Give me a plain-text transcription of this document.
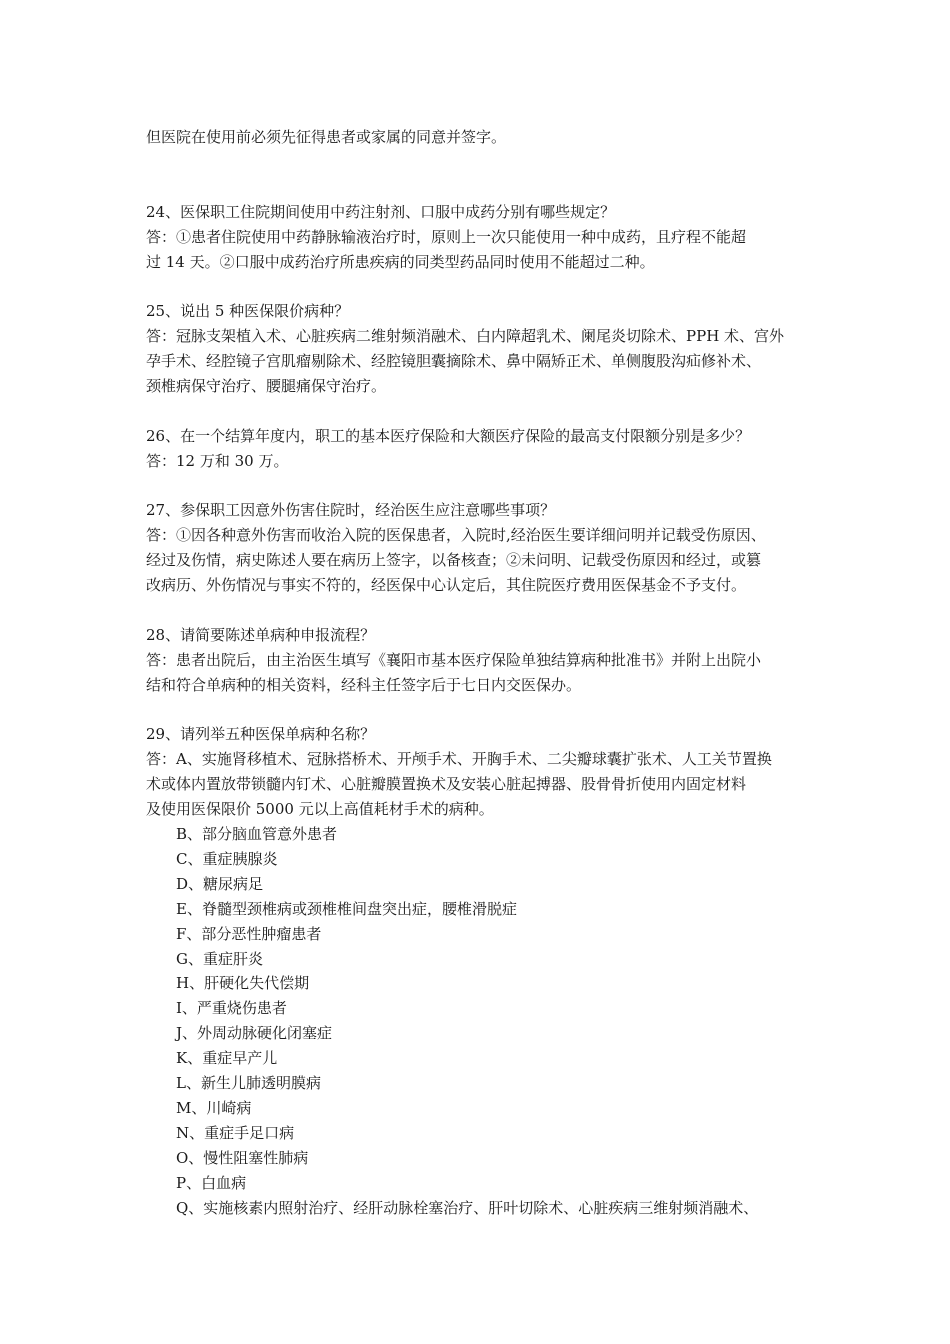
但医院在使用前必须先征得患者或家属的同意并签字。
24、医保职工住院期间使用中药注射剂、口服中成药分别有哪些规定？
答：①患者住院使用中药静脉输液治疗时，原则上一次只能使用一种中成药，且疗程不能超
过 14 天。②口服中成药治疗所患疾病的同类型药品同时使用不能超过二种。
25、说出 5 种医保限价病种？
答：冠脉支架植入术、心脏疾病二维射频消融术、白内障超乳术、阑尾炎切除术、PPH 术、宫外
孕手术、经腔镜子宫肌瘤剔除术、经腔镜胆囊摘除术、鼻中隔矫正术、单侧腹股沟疝修补术、
颈椎病保守治疗、腰腿痛保守治疗。
26、在一个结算年度内，职工的基本医疗保险和大额医疗保险的最高支付限额分别是多少？
答：12 万和 30 万。
27、参保职工因意外伤害住院时，经治医生应注意哪些事项？
答：①因各种意外伤害而收治入院的医保患者，入院时,经治医生要详细问明并记载受伤原因、
经过及伤情，病史陈述人要在病历上签字，以备核查；②未问明、记载受伤原因和经过，或篡
改病历、外伤情况与事实不符的，经医保中心认定后，其住院医疗费用医保基金不予支付。
28、请简要陈述单病种申报流程？
答：患者出院后，由主治医生填写《襄阳市基本医疗保险单独结算病种批准书》并附上出院小
结和符合单病种的相关资料，经科主任签字后于七日内交医保办。
29、请列举五种医保单病种名称？
答：A、实施肾移植术、冠脉搭桥术、开颅手术、开胸手术、二尖瓣球囊扩张术、人工关节置换
术或体内置放带锁髓内钉术、心脏瓣膜置换术及安装心脏起搏器、股骨骨折使用内固定材料
及使用医保限价 5000 元以上高值耗材手术的病种。
B、部分脑血管意外患者
C、重症胰腺炎
D、糖尿病足
E、脊髓型颈椎病或颈椎椎间盘突出症，腰椎滑脱症
F、部分恶性肿瘤患者
G、重症肝炎
H、肝硬化失代偿期
I、严重烧伤患者
J、外周动脉硬化闭塞症
K、重症早产儿
L、新生儿肺透明膜病
M、川崎病
N、重症手足口病
O、慢性阻塞性肺病
P、白血病
Q、实施核素内照射治疗、经肝动脉栓塞治疗、肝叶切除术、心脏疾病三维射频消融术、
